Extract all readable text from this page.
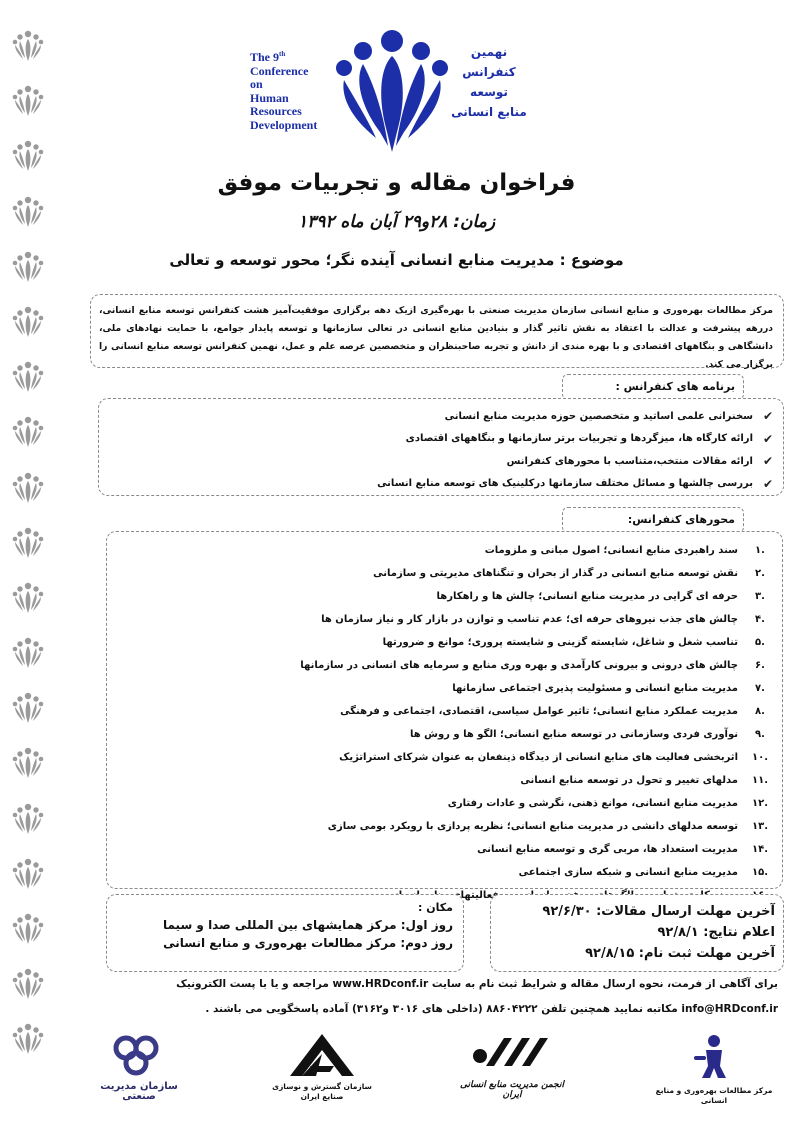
The 9th
Conference
on
Human
Resources
Development
نهمین
کنفرانس
توسعه
منابع انسانی
فراخوان مقاله و تجربیات موفق
زمان: ۲۸و۲۹ آبان ماه ۱۳۹۲
موضوع : مدیریت منابع انسانی آینده نگر؛ محور توسعه و تعالی

مرکز مطالعات بهره‌وری و منابع انسانی سازمان مدیریت صنعتی با بهره‌گیری ازیک دهه برگزاری موفقیت‌آمیز هشت کنفرانس توسعه منابع انسانی، دررهه پیشرفت و عدالت با اعتقاد به نقش تاثیر گذار و بنیادین منابع انسانی در تعالی سازمانها و توسعه پایدار جوامع، با حمایت نهادهای ملی، دانشگاهی و بنگاههای اقتصادی و با بهره مندی از دانش و تجربه صاحبنظران و متخصصین عرصه علم و عمل، نهمین کنفرانس توسعه منابع انسانی را برگزار می کند.

برنامه های کنفرانس :
✔
سخنرانی علمی اساتید و متخصصین حوزه مدیریت منابع انسانی
✔
ارائه کارگاه ها، میزگردها و تجربیات برتر سازمانها و بنگاههای اقتصادی
✔
ارائه مقالات منتخب،متناسب با محورهای کنفرانس
✔
بررسی چالشها و مسائل مختلف سازمانها درکلینیک های توسعه منابع انسانی
محورهای کنفرانس:
.۱
سند راهبردی منابع انسانی؛ اصول مبانی و ملزومات
.۲
نقش توسعه منابع انسانی در گذار از بحران و تنگناهای مدیریتی و سازمانی
.۳
حرفه ای گرایی در مدیریت منابع انسانی؛ چالش ها و راهکارها
.۴
چالش های جذب نیروهای حرفه ای؛ عدم تناسب و توازن در بازار کار و نیاز سازمان ها
.۵
تناسب شغل و شاغل، شایسته گزینی و شایسته پروری؛ موانع و ضرورتها
.۶
چالش های درونی و بیرونی کارآمدی و بهره وری منابع و سرمایه های انسانی در سازمانها
.۷
مدیریت منابع انسانی و مسئولیت پذیری اجتماعی سازمانها
.۸
مدیریت عملکرد منابع انسانی؛ تاثیر عوامل سیاسی، اقتصادی، اجتماعی و فرهنگی
.۹
نوآوری فردی وسازمانی در توسعه منابع انسانی؛ الگو ها و روش ها
.۱۰
اثربخشی فعالیت های منابع انسانی از دیدگاه ذینفعان به عنوان شرکای استراتژیک
.۱۱
مدلهای تغییر و تحول در توسعه منابع انسانی
.۱۲
مدیریت منابع انسانی، موانع ذهنی، نگرشی و عادات رفتاری
.۱۳
توسعه مدلهای دانشی در مدیریت منابع انسانی؛ نظریه پردازی با رویکرد بومی سازی
.۱۴
مدیریت استعداد ها، مربی گری و توسعه منابع انسانی
.۱۵
مدیریت منابع انسانی و شبکه سازی اجتماعی
فعالیتهای
آخرین مهلت ارسال مقالات: ۹۲/۶/۳۰
اعلام نتایج: ۹۲/۸/۱
آخرین مهلت ثبت نام: ۹۲/۸/۱۵
مکان :
روز اول: مرکز همایشهای بین المللی صدا و سیما
روز دوم: مرکز مطالعات بهره‌وری و منابع انسانی
برای آگاهی از فرمت، نحوه ارسال مقاله و شرایط ثبت نام به سایت www.HRDconf.ir مراجعه و یا با پست الکترونیک
info@HRDconf.ir مکاتبه نمایید همچنین تلفن ۸۸۶۰۴۲۲۲ (داخلی های ۳۰۱۶ و۳۱۶۲) آماده پاسخگویی می باشند .
مرکز مطالعات بهره‌وری و منابع انسانی
انجمن مدیریت منابع انسانی ایران
سازمان گسترش و نوسازی صنایع ایران
سازمان مدیریت صنعتی
